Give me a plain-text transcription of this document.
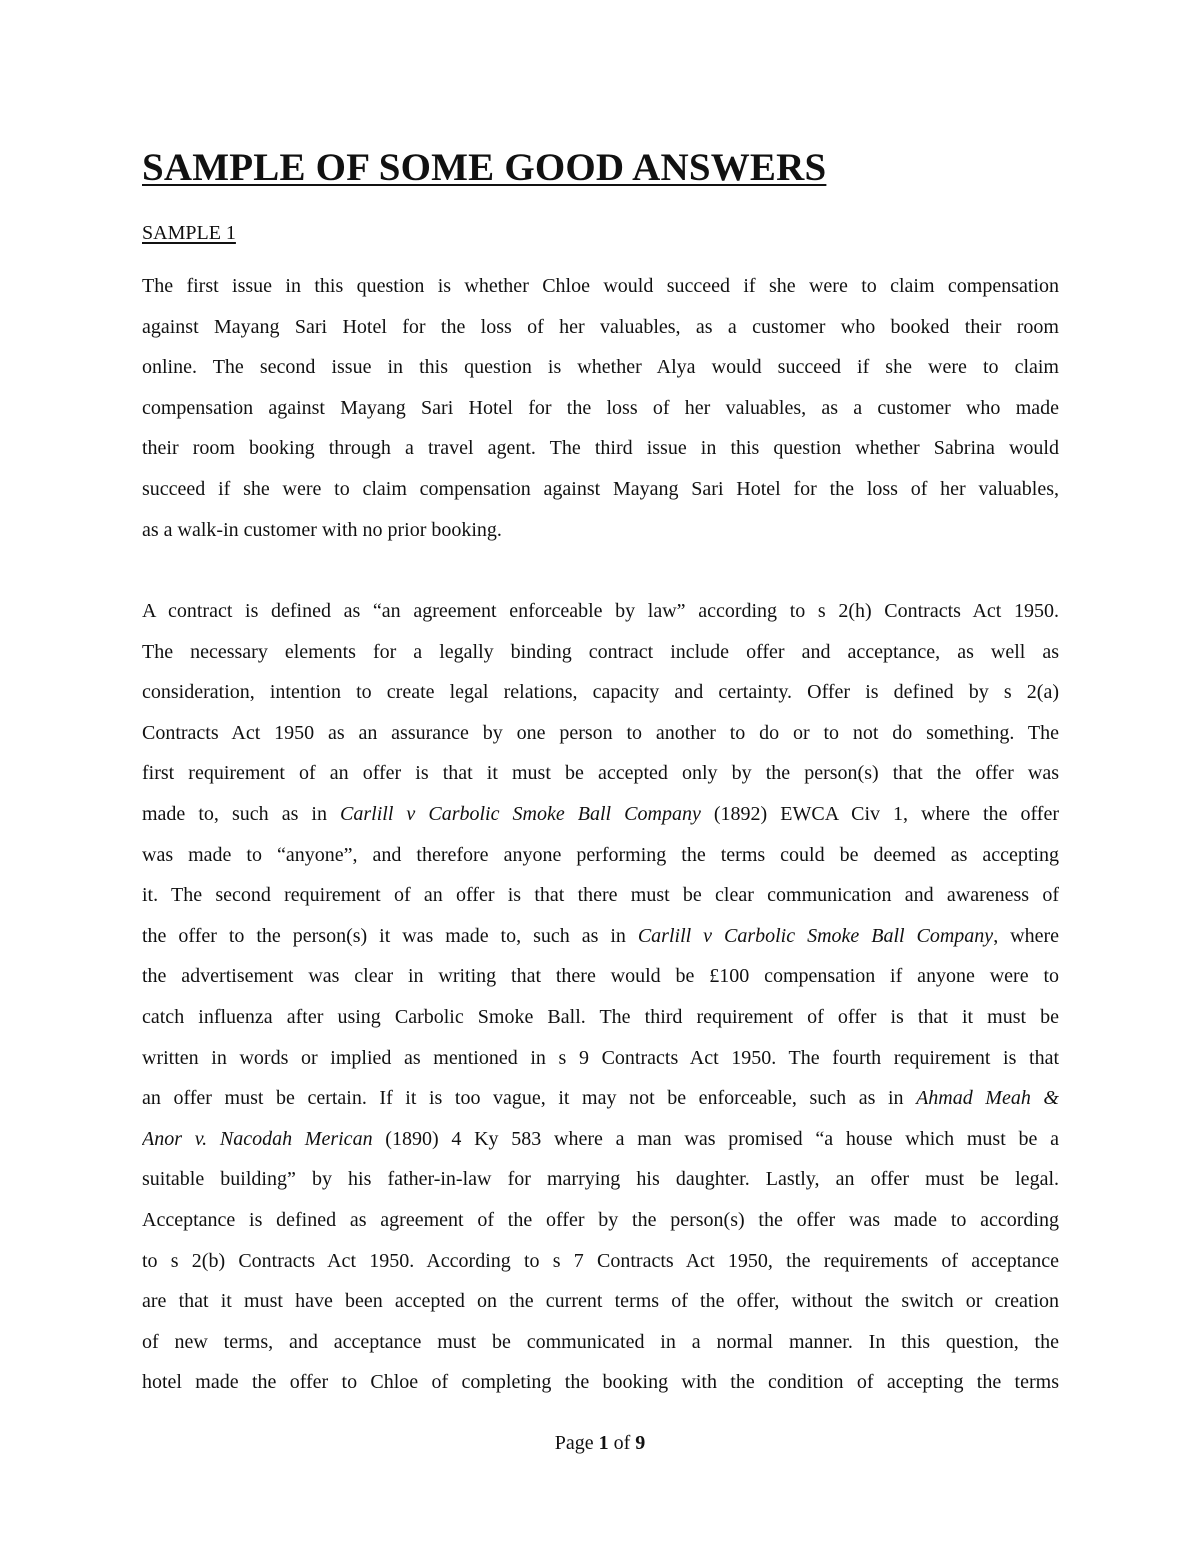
SAMPLE OF SOME GOOD ANSWERS
SAMPLE 1
The first issue in this question is whether Chloe would succeed if she were to claim compensation
against Mayang Sari Hotel for the loss of her valuables, as a customer who booked their room
online. The second issue in this question is whether Alya would succeed if she were to claim
compensation against Mayang Sari Hotel for the loss of her valuables, as a customer who made
their room booking through a travel agent. The third issue in this question whether Sabrina would
succeed if she were to claim compensation against Mayang Sari Hotel for the loss of her valuables,
as a walk-in customer with no prior booking.
A contract is defined as “an agreement enforceable by law” according to s 2(h) Contracts Act 1950.
The necessary elements for a legally binding contract include offer and acceptance, as well as
consideration, intention to create legal relations, capacity and certainty. Offer is defined by s 2(a)
Contracts Act 1950 as an assurance by one person to another to do or to not do something. The
first requirement of an offer is that it must be accepted only by the person(s) that the offer was
made to, such as in Carlill v Carbolic Smoke Ball Company (1892) EWCA Civ 1, where the offer
was made to “anyone”, and therefore anyone performing the terms could be deemed as accepting
it. The second requirement of an offer is that there must be clear communication and awareness of
the offer to the person(s) it was made to, such as in Carlill v Carbolic Smoke Ball Company, where
the advertisement was clear in writing that there would be £100 compensation if anyone were to
catch influenza after using Carbolic Smoke Ball. The third requirement of offer is that it must be
written in words or implied as mentioned in s 9 Contracts Act 1950. The fourth requirement is that
an offer must be certain. If it is too vague, it may not be enforceable, such as in Ahmad Meah &
Anor v. Nacodah Merican (1890) 4 Ky 583 where a man was promised “a house which must be a
suitable building” by his father-in-law for marrying his daughter. Lastly, an offer must be legal.
Acceptance is defined as agreement of the offer by the person(s) the offer was made to according
to s 2(b) Contracts Act 1950. According to s 7 Contracts Act 1950, the requirements of acceptance
are that it must have been accepted on the current terms of the offer, without the switch or creation
of new terms, and acceptance must be communicated in a normal manner. In this question, the
hotel made the offer to Chloe of completing the booking with the condition of accepting the terms
Page 1 of 9
